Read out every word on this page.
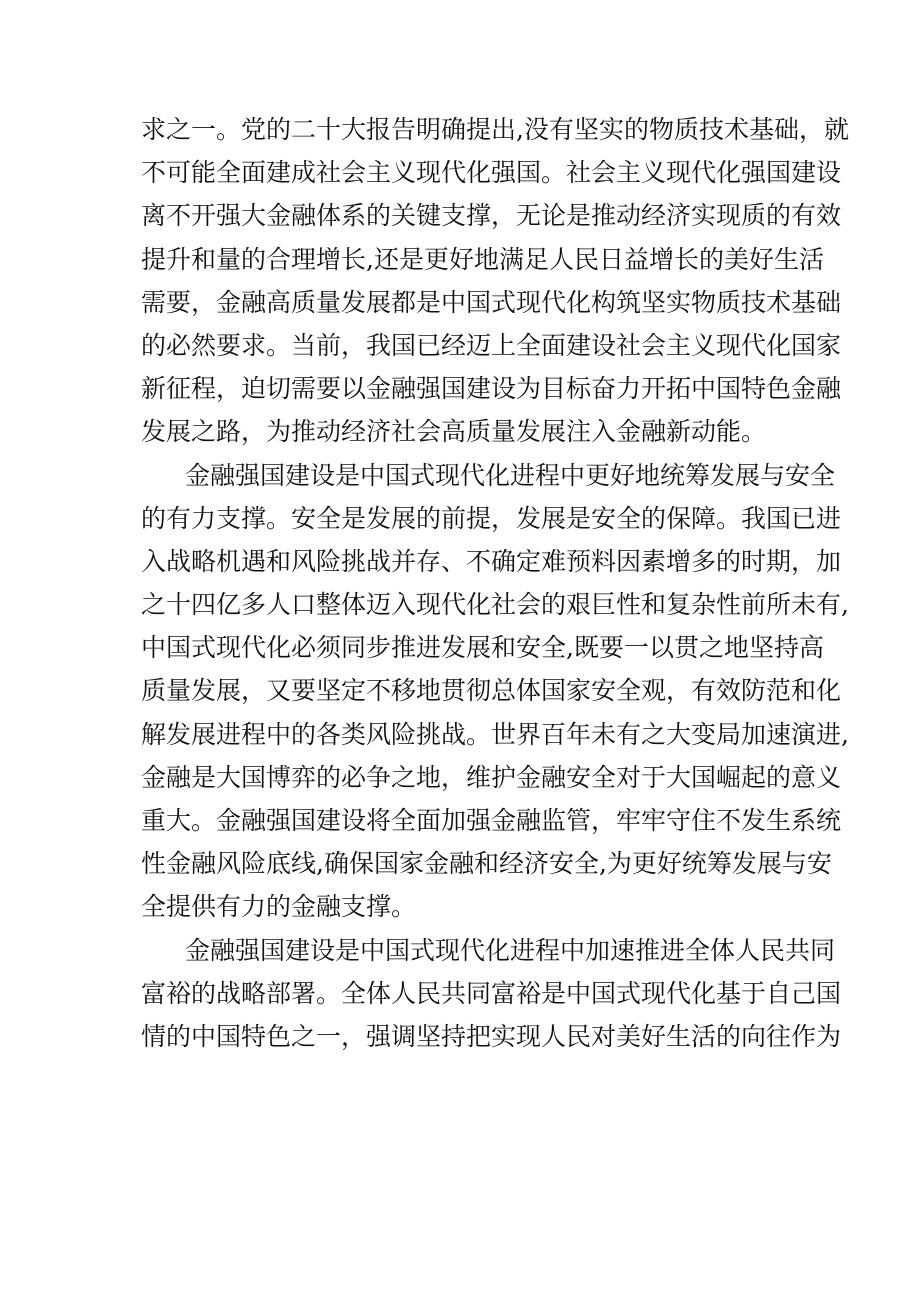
求之一。党的二十大报告明确提出,没有坚实的物质技术基础，就
不可能全面建成社会主义现代化强国。社会主义现代化强国建设
离不开强大金融体系的关键支撑，无论是推动经济实现质的有效
提升和量的合理增长,还是更好地满足人民日益增长的美好生活
需要，金融高质量发展都是中国式现代化构筑坚实物质技术基础
的必然要求。当前，我国已经迈上全面建设社会主义现代化国家
新征程，迫切需要以金融强国建设为目标奋力开拓中国特色金融
发展之路，为推动经济社会高质量发展注入金融新动能。
金融强国建设是中国式现代化进程中更好地统筹发展与安全
的有力支撑。安全是发展的前提，发展是安全的保障。我国已进
入战略机遇和风险挑战并存、不确定难预料因素增多的时期，加
之十四亿多人口整体迈入现代化社会的艰巨性和复杂性前所未有,
中国式现代化必须同步推进发展和安全,既要一以贯之地坚持高
质量发展，又要坚定不移地贯彻总体国家安全观，有效防范和化
解发展进程中的各类风险挑战。世界百年未有之大变局加速演进,
金融是大国博弈的必争之地，维护金融安全对于大国崛起的意义
重大。金融强国建设将全面加强金融监管，牢牢守住不发生系统
性金融风险底线,确保国家金融和经济安全,为更好统筹发展与安
全提供有力的金融支撑。
金融强国建设是中国式现代化进程中加速推进全体人民共同
富裕的战略部署。全体人民共同富裕是中国式现代化基于自己国
情的中国特色之一，强调坚持把实现人民对美好生活的向往作为
